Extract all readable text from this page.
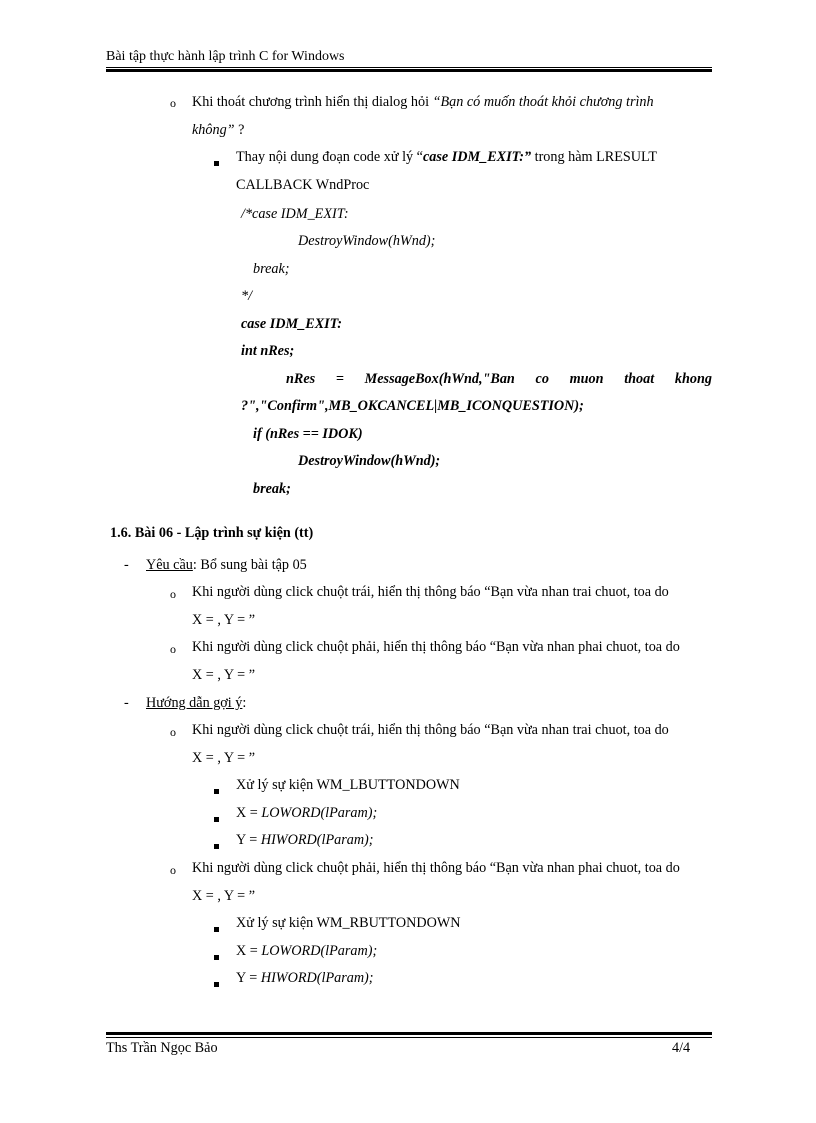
Bài tập thực hành lập trình C for Windows
o Khi thoát chương trình hiển thị dialog hỏi “Bạn có muốn thoát khỏi chương trình
không” ?
Thay nội dung đoạn code xử lý “case IDM_EXIT:” trong hàm LRESULT
CALLBACK WndProc
/*case IDM_EXIT:
DestroyWindow(hWnd);
break;
*/
case IDM_EXIT:
int nRes;
nRes = MessageBox(hWnd,"Ban co muon thoat khong
?","Confirm",MB_OKCANCEL|MB_ICONQUESTION);
if (nRes == IDOK)
DestroyWindow(hWnd);
break;
1.6. Bài 06 - Lập trình sự kiện (tt)
- Yêu cầu: Bổ sung bài tập 05
o Khi người dùng click chuột trái, hiển thị thông báo “Bạn vừa nhan trai chuot, toa do
X = , Y = ”
o Khi người dùng click chuột phải, hiển thị thông báo “Bạn vừa nhan phai chuot, toa do
X = , Y = ”
- Hướng dẫn gợi ý:
o Khi người dùng click chuột trái, hiển thị thông báo “Bạn vừa nhan trai chuot, toa do
X = , Y = ”
Xử lý sự kiện WM_LBUTTONDOWN
X = LOWORD(lParam);
Y = HIWORD(lParam);
o Khi người dùng click chuột phải, hiển thị thông báo “Bạn vừa nhan phai chuot, toa do
X = , Y = ”
Xử lý sự kiện WM_RBUTTONDOWN
X = LOWORD(lParam);
Y = HIWORD(lParam);
Ths Trần Ngọc Bảo	4/4
